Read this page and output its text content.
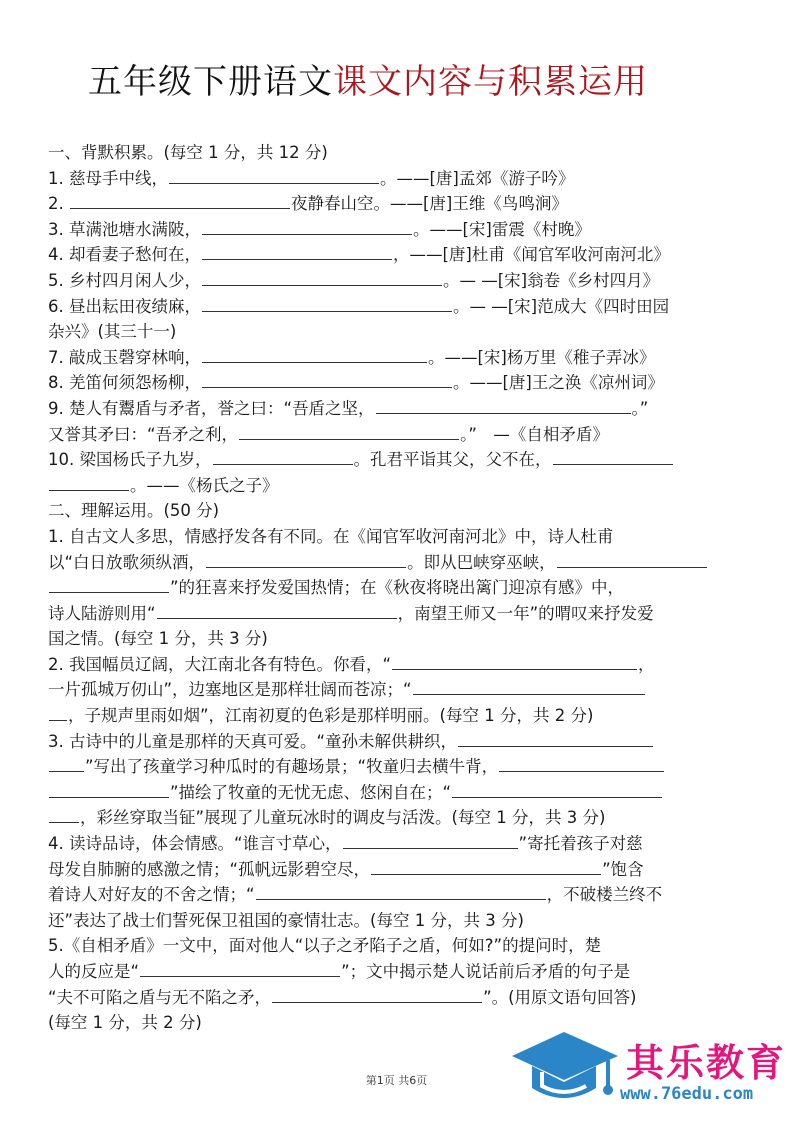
五年级下册语文课文内容与积累运用
一、背默积累。(每空 1 分，共 12 分)
1. 慈母手中线，	。——[唐]孟郊《游子吟》
2.	夜静春山空。——[唐]王维《鸟鸣涧》
3. 草满池塘水满陂，	。——[宋]雷震《村晚》
4. 却看妻子愁何在，	，——[唐]杜甫《闻官军收河南河北》
5. 乡村四月闲人少，	。— —[宋]翁卷《乡村四月》
6. 昼出耘田夜绩麻，	。— —[宋]范成大《四时田园
杂兴》(其三十一)
7. 敲成玉磬穿林响，	。——[宋]杨万里《稚子弄冰》
8. 羌笛何须怨杨柳，	。——[唐]王之涣《凉州词》
9. 楚人有鬻盾与矛者，誉之曰：“吾盾之坚，	。”
又誉其矛曰：“吾矛之利，	。”　—《自相矛盾》
10. 梁国杨氏子九岁，	。孔君平诣其父，父不在，
。——《杨氏之子》
二、理解运用。(50 分)
1. 自古文人多思，情感抒发各有不同。在《闻官军收河南河北》中，诗人杜甫
以“白日放歌须纵酒，	。即从巴峡穿巫峡，
”的狂喜来抒发爱国热情；在《秋夜将晓出篱门迎凉有感》中，
诗人陆游则用“	，南望王师又一年”的喟叹来抒发爱
国之情。(每空 1 分，共 3 分)
2. 我国幅员辽阔，大江南北各有特色。你看，“	，
一片孤城万仞山”，边塞地区是那样壮阔而苍凉；“
，子规声里雨如烟”，江南初夏的色彩是那样明丽。(每空 1 分，共 2 分)
3. 古诗中的儿童是那样的天真可爱。“童孙未解供耕织，
”写出了孩童学习种瓜时的有趣场景；“牧童归去横牛背，
”描绘了牧童的无忧无虑、悠闲自在；“
，彩丝穿取当钲”展现了儿童玩冰时的调皮与活泼。(每空 1 分，共 3 分)
4. 读诗品诗，体会情感。“谁言寸草心，	”寄托着孩子对慈
母发自肺腑的感激之情；“孤帆远影碧空尽，	”饱含
着诗人对好友的不舍之情；“	，不破楼兰终不
还”表达了战士们誓死保卫祖国的豪情壮志。(每空 1 分，共 3 分)
5.《自相矛盾》一文中，面对他人“以子之矛陷子之盾，何如?”的提问时，楚
人的反应是“	”；文中揭示楚人说话前后矛盾的句子是
“夫不可陷之盾与无不陷之矛，	”。(用原文语句回答)
(每空 1 分，共 2 分)
第1页 共6页	其乐教育
www.76edu.com
